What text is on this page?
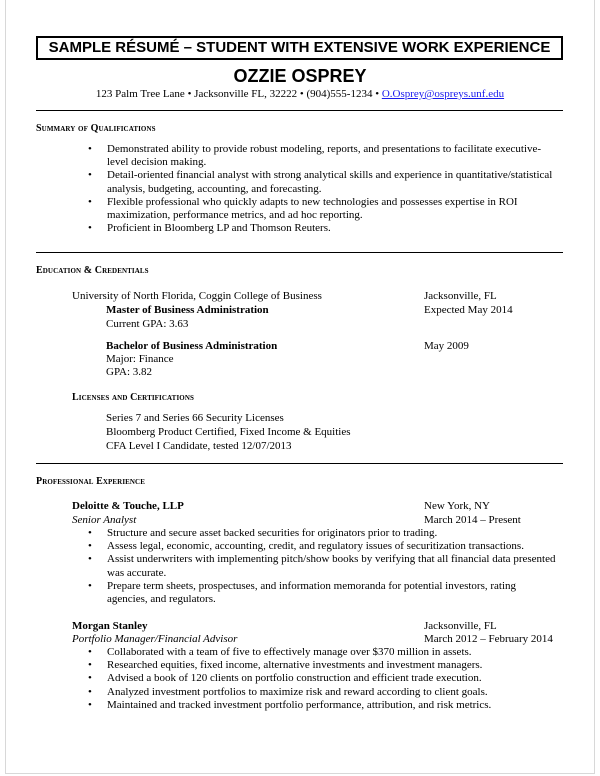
SAMPLE RÉSUMÉ – STUDENT WITH EXTENSIVE WORK EXPERIENCE
OZZIE OSPREY
123 Palm Tree Lane • Jacksonville FL, 32222 • (904)555-1234 • O.Osprey@ospreys.unf.edu
Summary of Qualifications
• Demonstrated ability to provide robust modeling, reports, and presentations to facilitate executive-level decision making.
• Detail-oriented financial analyst with strong analytical skills and experience in quantitative/statistical analysis, budgeting, accounting, and forecasting.
• Flexible professional who quickly adapts to new technologies and possesses expertise in ROI maximization, performance metrics, and ad hoc reporting.
• Proficient in Bloomberg LP and Thomson Reuters.
Education & Credentials
University of North Florida, Coggin College of Business	Jacksonville, FL
Master of Business Administration	Expected May 2014
Current GPA: 3.63
Bachelor of Business Administration	May 2009
Major: Finance
GPA: 3.82
Licenses and Certifications
Series 7 and Series 66 Security Licenses
Bloomberg Product Certified, Fixed Income & Equities
CFA Level I Candidate, tested 12/07/2013
Professional Experience
Deloitte & Touche, LLP	New York, NY
Senior Analyst	March 2014 – Present
• Structure and secure asset backed securities for originators prior to trading.
• Assess legal, economic, accounting, credit, and regulatory issues of securitization transactions.
• Assist underwriters with implementing pitch/show books by verifying that all financial data presented was accurate.
• Prepare term sheets, prospectuses, and information memoranda for potential investors, rating agencies, and regulators.
Morgan Stanley	Jacksonville, FL
Portfolio Manager/Financial Advisor	March 2012 – February 2014
• Collaborated with a team of five to effectively manage over $370 million in assets.
• Researched equities, fixed income, alternative investments and investment managers.
• Advised a book of 120 clients on portfolio construction and efficient trade execution.
• Analyzed investment portfolios to maximize risk and reward according to client goals.
• Maintained and tracked investment portfolio performance, attribution, and risk metrics.
